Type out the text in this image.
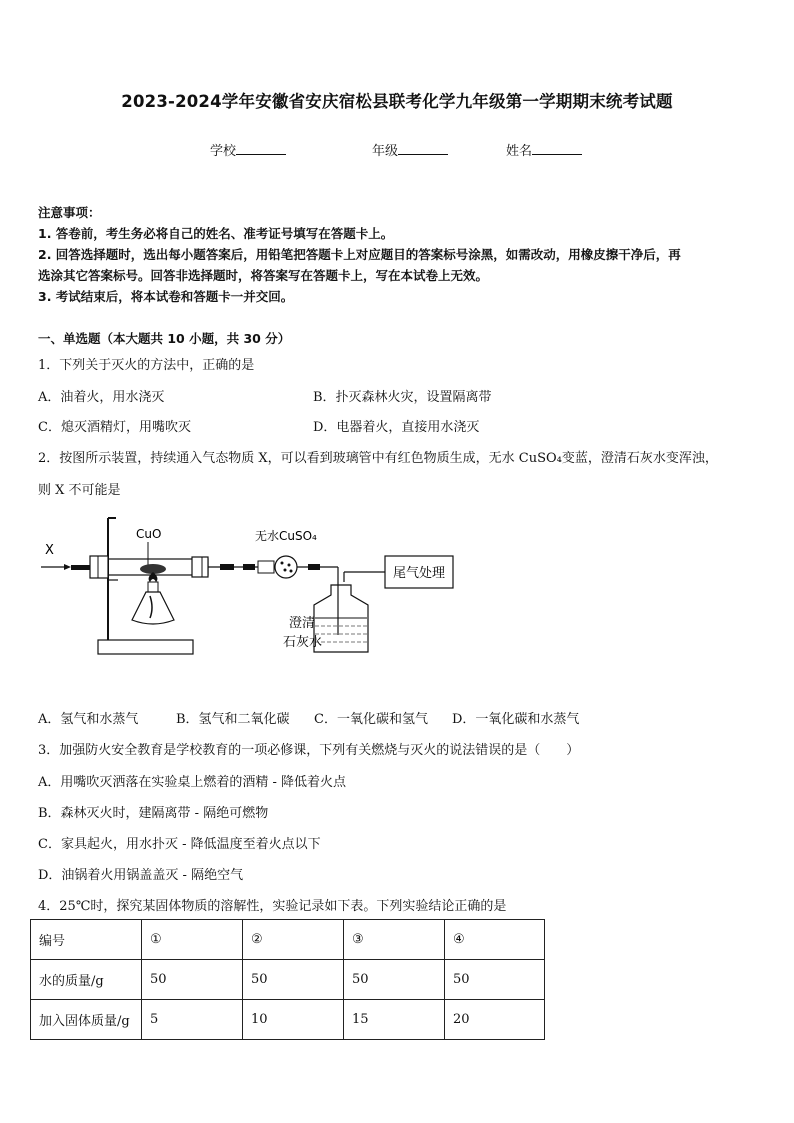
2023-2024学年安徽省安庆宿松县联考化学九年级第一学期期末统考试题
学校	年级	姓名
注意事项：
1. 答卷前，考生务必将自己的姓名、准考证号填写在答题卡上。
2. 回答选择题时，选出每小题答案后，用铅笔把答题卡上对应题目的答案标号涂黑，如需改动，用橡皮擦干净后，再
选涂其它答案标号。回答非选择题时，将答案写在答题卡上，写在本试卷上无效。
3. 考试结束后，将本试卷和答题卡一并交回。
一、单选题（本大题共 10 小题，共 30 分）
1．下列关于灭火的方法中，正确的是
A．油着火，用水浇灭	B．扑灭森林火灾，设置隔离带
C．熄灭酒精灯，用嘴吹灭	D．电器着火，直接用水浇灭
2．按图所示装置，持续通入气态物质 X，可以看到玻璃管中有红色物质生成，无水 CuSO₄变蓝，澄清石灰水变浑浊，
则 X 不可能是
X
CuO	无水CuSO₄
澄清
石灰水
尾气处理
A．氢气和水蒸气	B．氢气和二氧化碳 C．一氧化碳和氢气 D．一氧化碳和水蒸气
3．加强防火安全教育是学校教育的一项必修课，下列有关燃烧与灭火的说法错误的是（　　）
A．用嘴吹灭洒落在实验桌上燃着的酒精 - 降低着火点
B．森林灭火时，建隔离带 - 隔绝可燃物
C．家具起火，用水扑灭 - 降低温度至着火点以下
D．油锅着火用锅盖盖灭 - 隔绝空气
4．25℃时，探究某固体物质的溶解性，实验记录如下表。下列实验结论正确的是
编号	①	②	③	④
水的质量/g	50	50	50	50
加入固体质量/g	5	10	15	20
